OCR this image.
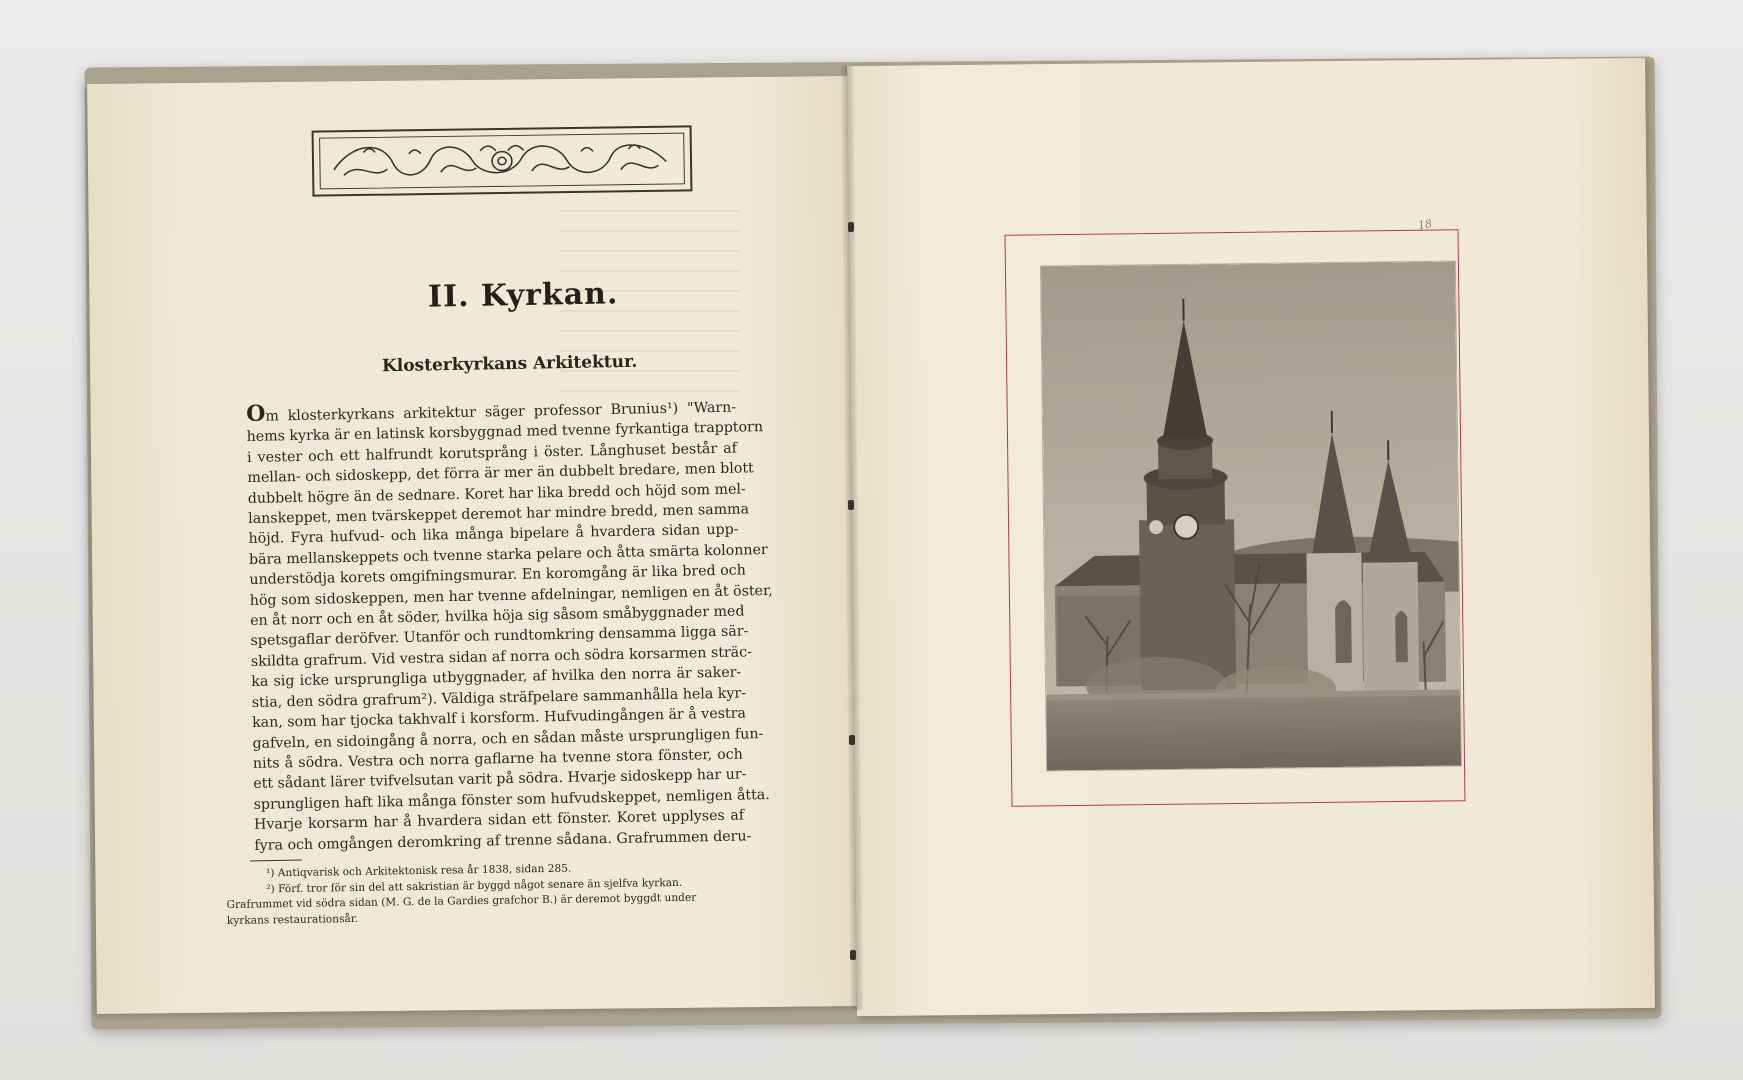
II. Kyrkan.
Klosterkyrkans Arkitektur.
Om klosterkyrkans arkitektur säger professor Brunius¹) "Warn-
hems kyrka är en latinsk korsbyggnad med tvenne fyrkantiga trapptorn
i vester och ett halfrundt korutsprång i öster. Långhuset består af
mellan- och sidoskepp, det förra är mer än dubbelt bredare, men blott
dubbelt högre än de sednare. Koret har lika bredd och höjd som mel-
lanskeppet, men tvärskeppet deremot har mindre bredd, men samma
höjd. Fyra hufvud- och lika många bipelare å hvardera sidan upp-
bära mellanskeppets och tvenne starka pelare och åtta smärta kolonner
understödja korets omgifningsmurar. En koromgång är lika bred och
hög som sidoskeppen, men har tvenne afdelningar, nemligen en åt öster,
en åt norr och en åt söder, hvilka höja sig såsom småbyggnader med
spetsgaflar deröfver. Utanför och rundtomkring densamma ligga sär-
skildta grafrum. Vid vestra sidan af norra och södra korsarmen sträc-
ka sig icke ursprungliga utbyggnader, af hvilka den norra är saker-
stia, den södra grafrum²). Väldiga sträfpelare sammanhålla hela kyr-
kan, som har tjocka takhvalf i korsform. Hufvudingången är å vestra
gafveln, en sidoingång å norra, och en sådan måste ursprungligen fun-
nits å södra. Vestra och norra gaflarne ha tvenne stora fönster, och
ett sådant lärer tvifvelsutan varit på södra. Hvarje sidoskepp har ur-
sprungligen haft lika många fönster som hufvudskeppet, nemligen åtta.
Hvarje korsarm har å hvardera sidan ett fönster. Koret upplyses af
fyra och omgången deromkring af trenne sådana. Grafrummen deru-
¹) Antiqvarisk och Arkitektonisk resa år 1838, sidan 285.
²) Förf. tror för sin del att sakristian är byggd något senare än sjelfva kyrkan.
Grafrummet vid södra sidan (M. G. de la Gardies grafchor B.) är deremot byggdt under
kyrkans restaurationsår.
18
